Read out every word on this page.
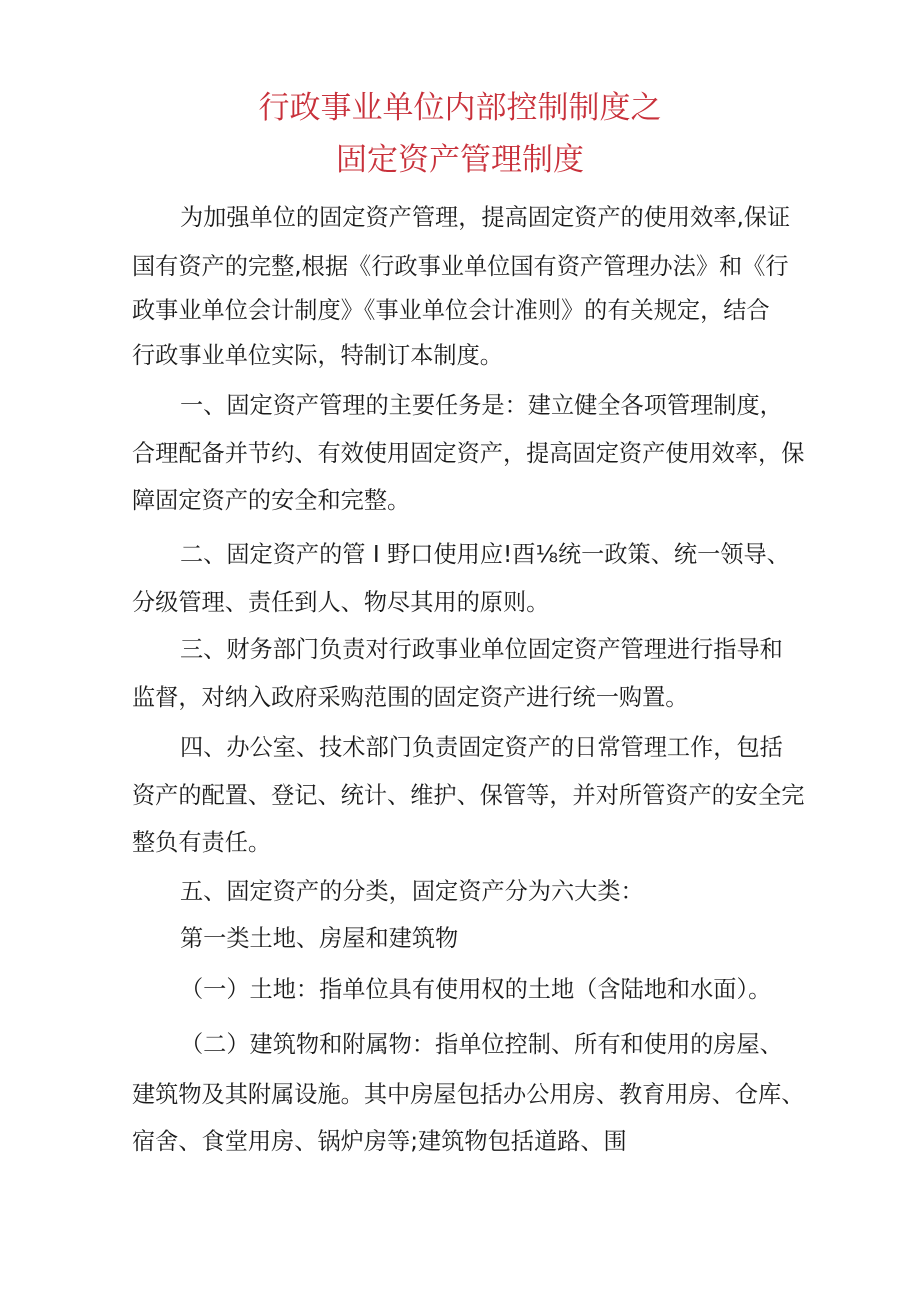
行政事业单位内部控制制度之
固定资产管理制度
为加强单位的固定资产管理，提高固定资产的使用效率,保证
国有资产的完整,根据《行政事业单位国有资产管理办法》和《行
政事业单位会计制度》《事业单位会计准则》的有关规定，结合
行政事业单位实际，特制订本制度。
一、固定资产管理的主要任务是：建立健全各项管理制度，
合理配备并节约、有效使用固定资产，提高固定资产使用效率，保
障固定资产的安全和完整。
二、固定资产的管 I 野口使用应!酉⅛统一政策、统一领导、
分级管理、责任到人、物尽其用的原则。
三、财务部门负责对行政事业单位固定资产管理进行指导和
监督，对纳入政府采购范围的固定资产进行统一购置。
四、办公室、技术部门负责固定资产的日常管理工作，包括
资产的配置、登记、统计、维护、保管等，并对所管资产的安全完
整负有责任。
五、固定资产的分类，固定资产分为六大类：
第一类土地、房屋和建筑物
（一）土地：指单位具有使用权的土地（含陆地和水面）。
（二）建筑物和附属物：指单位控制、所有和使用的房屋、
建筑物及其附属设施。其中房屋包括办公用房、教育用房、仓库、
宿舍、食堂用房、锅炉房等;建筑物包括道路、围
